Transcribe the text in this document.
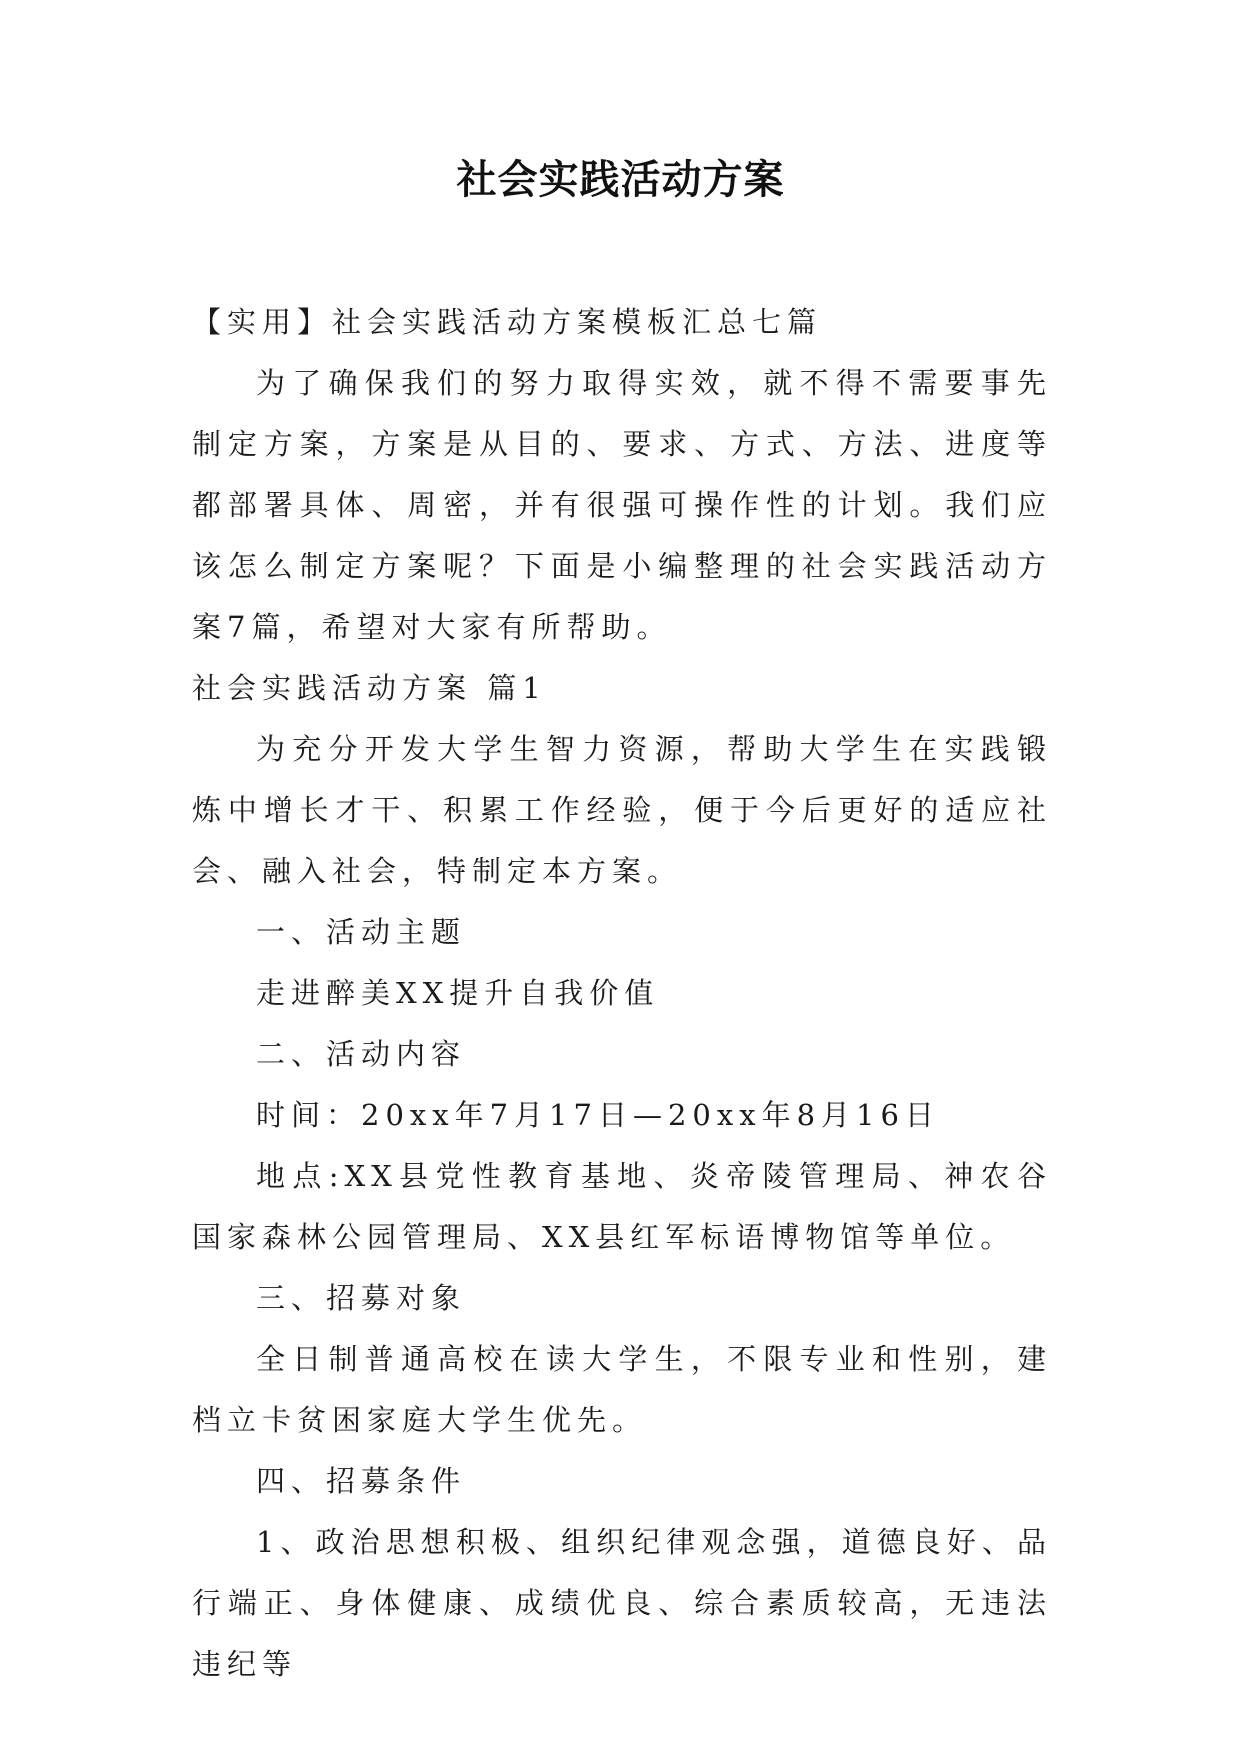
社会实践活动方案

【实用】社会实践活动方案模板汇总七篇

为了确保我们的努力取得实效，就不得不需要事先制定方案，方案是从目的、要求、方式、方法、进度等都部署具体、周密，并有很强可操作性的计划。我们应该怎么制定方案呢？下面是小编整理的社会实践活动方案7篇，希望对大家有所帮助。

社会实践活动方案 篇1

为充分开发大学生智力资源，帮助大学生在实践锻炼中增长才干、积累工作经验，便于今后更好的适应社会、融入社会，特制定本方案。

一、活动主题

走进醉美XX提升自我价值

二、活动内容

时间：20xx年7月17日—20xx年8月16日

地点:XX县党性教育基地、炎帝陵管理局、神农谷国家森林公园管理局、XX县红军标语博物馆等单位。

三、招募对象

全日制普通高校在读大学生，不限专业和性别，建档立卡贫困家庭大学生优先。

四、招募条件

1、政治思想积极、组织纪律观念强，道德良好、品行端正、身体健康、成绩优良、综合素质较高，无违法违纪等
